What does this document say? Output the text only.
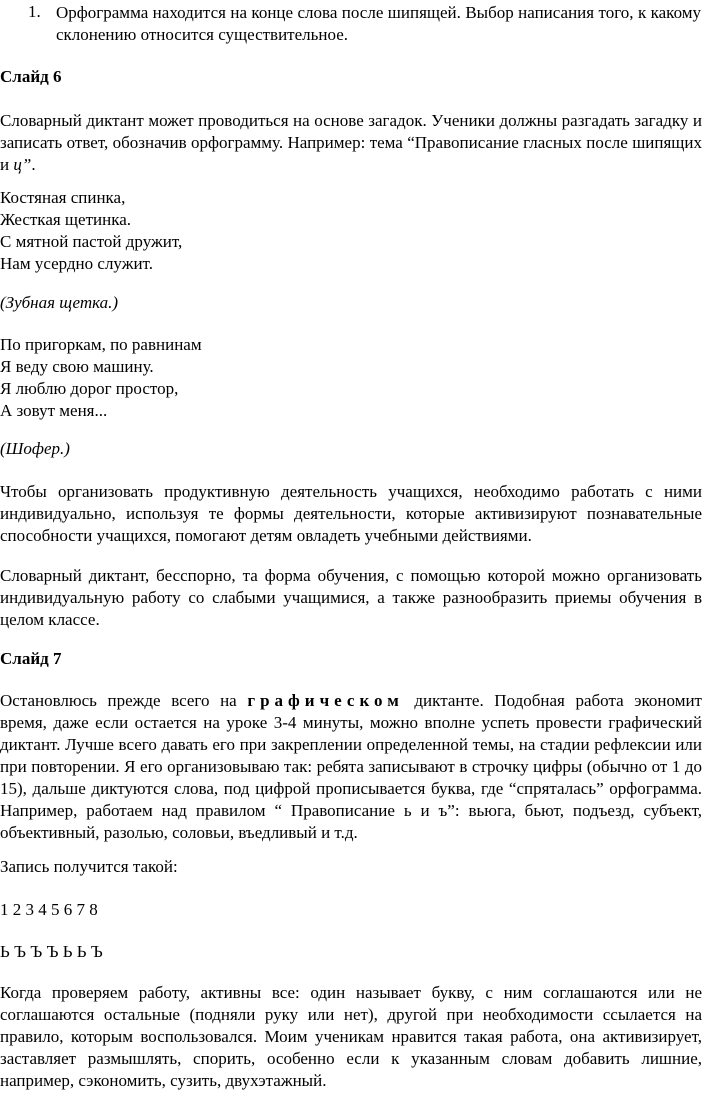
1. Орфограмма находится на конце слова после шипящей. Выбор написания того, к какому склонению относится существительное.
Слайд 6
Словарный диктант может проводиться на основе загадок. Ученики должны разгадать загадку и записать ответ, обозначив орфограмму. Например: тема “Правописание гласных после шипящих и ц”.
Костяная спинка,
Жесткая щетинка.
С мятной пастой дружит,
Нам усердно служит.
(Зубная щетка.)
По пригоркам, по равнинам
Я веду свою машину.
Я люблю дорог простор,
А зовут меня...
(Шофер.)
Чтобы организовать продуктивную деятельность учащихся, необходимо работать с ними индивидуально, используя те формы деятельности, которые активизируют познавательные способности учащихся, помогают детям овладеть учебными действиями.
Словарный диктант, бесспорно, та форма обучения, с помощью которой можно организовать индивидуальную работу со слабыми учащимися, а также разнообразить приемы обучения в целом классе.
Слайд 7
Остановлюсь прежде всего на графическом диктанте. Подобная работа экономит время, даже если остается на уроке 3-4 минуты, можно вполне успеть провести графический диктант. Лучше всего давать его при закреплении определенной темы, на стадии рефлексии или при повторении. Я его организовываю так: ребята записывают в строчку цифры (обычно от 1 до 15), дальше диктуются слова, под цифрой прописывается буква, где “спряталась” орфограмма. Например, работаем над правилом “ Правописание ь и ъ”: вьюга, бьют, подъезд, субъект, объективный, разолью, соловьи, въедливый и т.д.
Запись получится такой:
1 2 3 4 5 6 7 8
Ь Ъ Ъ Ъ Ь Ь Ъ
Когда проверяем работу, активны все: один называет букву, с ним соглашаются или не соглашаются остальные (подняли руку или нет), другой при необходимости ссылается на правило, которым воспользовался. Моим ученикам нравится такая работа, она активизирует, заставляет размышлять, спорить, особенно если к указанным словам добавить лишние, например, сэкономить, сузить, двухэтажный.
